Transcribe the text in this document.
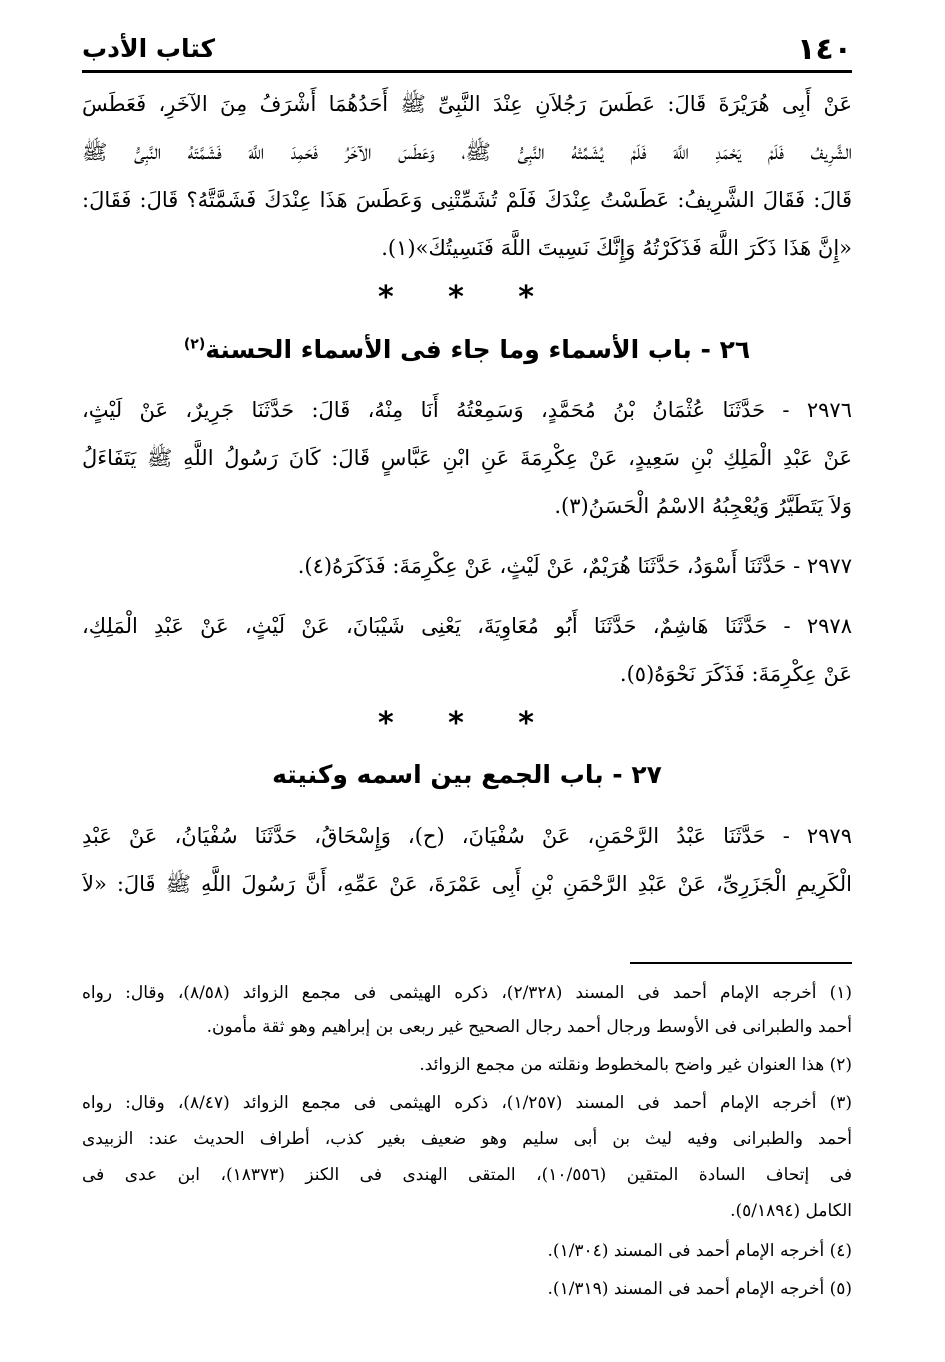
١٤٠
كتاب الأدب
عَنْ أَبِى هُرَيْرَةَ قَالَ: عَطَسَ رَجُلاَنِ عِنْدَ النَّبِىِّ ﷺ أَحَدُهُمَا أَشْرَفُ مِنَ الآخَرِ، فَعَطَسَ
الشَّرِيفُ فَلَمْ يَحْمَدِ اللَّهَ فَلَمْ يُشَمِّتْهُ النَّبِىُّ ﷺ، وَعَطَسَ الآخَرُ فَحَمِدَ اللَّهَ فَشَمَّتَهُ النَّبِىُّ ﷺ
قَالَ: فَقَالَ الشَّرِيفُ: عَطَسْتُ عِنْدَكَ فَلَمْ تُشَمِّتْنِى وَعَطَسَ هَذَا عِنْدَكَ فَشَمَّتَّهُ؟ قَالَ: فَقَالَ:
«إِنَّ هَذَا ذَكَرَ اللَّهَ فَذَكَرْتُهُ وَإِنَّكَ نَسِيتَ اللَّهَ فَنَسِيتُكَ»(١).
* * *
٢٦ - باب الأسماء وما جاء فى الأسماء الحسنة$^{(٢)}$
٢٩٧٦ - حَدَّثَنَا عُثْمَانُ بْنُ مُحَمَّدٍ، وَسَمِعْتُهُ أَنَا مِنْهُ، قَالَ: حَدَّثَنَا جَرِيرٌ، عَنْ لَيْثٍ،
عَنْ عَبْدِ الْمَلِكِ بْنِ سَعِيدٍ، عَنْ عِكْرِمَةَ عَنِ ابْنِ عَبَّاسٍ قَالَ: كَانَ رَسُولُ اللَّهِ ﷺ يَتَفَاءَلُ
وَلاَ يَتَطَيَّرُ وَيُعْجِبُهُ الاسْمُ الْحَسَنُ(٣).
٢٩٧٧ - حَدَّثَنَا أَسْوَدُ، حَدَّثَنَا هُرَيْمٌ، عَنْ لَيْثٍ، عَنْ عِكْرِمَةَ: فَذَكَرَهُ(٤).
٢٩٧٨ - حَدَّثَنَا هَاشِمٌ، حَدَّثَنَا أَبُو مُعَاوِيَةَ، يَعْنِى شَيْبَانَ، عَنْ لَيْثٍ، عَنْ عَبْدِ الْمَلِكِ،
عَنْ عِكْرِمَةَ: فَذَكَرَ نَحْوَهُ(٥).
* * *
٢٧ - باب الجمع بين اسمه وكنيته
٢٩٧٩ - حَدَّثَنَا عَبْدُ الرَّحْمَنِ، عَنْ سُفْيَانَ، (ح)، وَإِسْحَاقُ، حَدَّثَنَا سُفْيَانُ، عَنْ عَبْدِ
الْكَرِيمِ الْجَزَرِىِّ، عَنْ عَبْدِ الرَّحْمَنِ بْنِ أَبِى عَمْرَةَ، عَنْ عَمِّهِ، أَنَّ رَسُولَ اللَّهِ ﷺ قَالَ: «لاَ
(١) أخرجه الإمام أحمد فى المسند (٢/٣٢٨)، ذكره الهيثمى فى مجمع الزوائد (٨/٥٨)، وقال: رواه
أحمد والطبرانى فى الأوسط ورجال أحمد رجال الصحيح غير ربعى بن إبراهيم وهو ثقة مأمون.
(٢) هذا العنوان غير واضح بالمخطوط ونقلته من مجمع الزوائد.
(٣) أخرجه الإمام أحمد فى المسند (١/٢٥٧)، ذكره الهيثمى فى مجمع الزوائد (٨/٤٧)، وقال: رواه
أحمد والطبرانى وفيه ليث بن أبى سليم وهو ضعيف بغير كذب، أطراف الحديث عند: الزبيدى
فى إتحاف السادة المتقين (١٠/٥٥٦)، المتقى الهندى فى الكنز (١٨٣٧٣)، ابن عدى فى
الكامل (٥/١٨٩٤).
(٤) أخرجه الإمام أحمد فى المسند (١/٣٠٤).
(٥) أخرجه الإمام أحمد فى المسند (١/٣١٩).
